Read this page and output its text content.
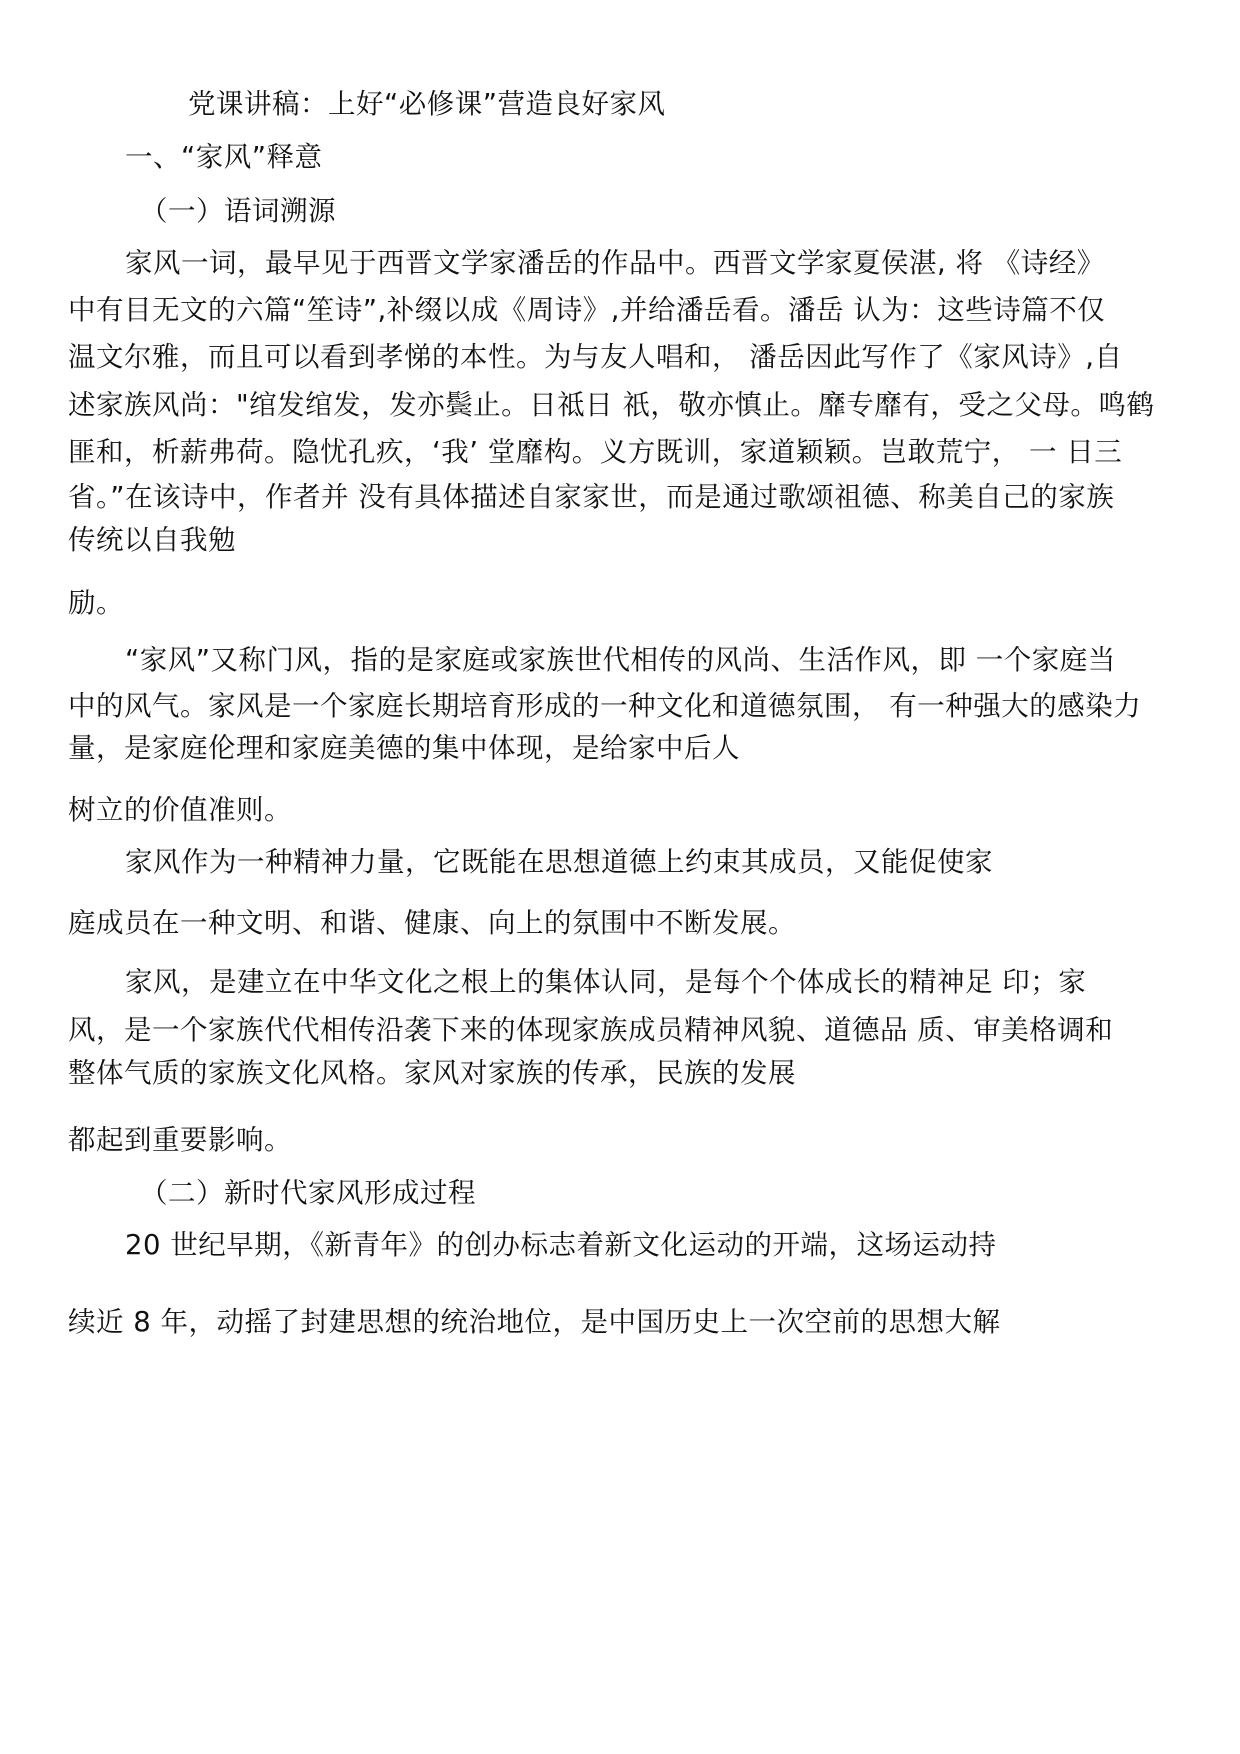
党课讲稿：上好“必修课”营造良好家风
一、“家风”释意
（一）语词溯源
家风一词，最早见于西晋文学家潘岳的作品中。西晋文学家夏侯湛, 将 《诗经》
中有目无文的六篇“笙诗”,补缀以成《周诗》,并给潘岳看。潘岳 认为：这些诗篇不仅
温文尔雅，而且可以看到孝悌的本性。为与友人唱和， 潘岳因此写作了《家风诗》,自
述家族风尚："绾发绾发，发亦鬓止。日祗日 祇，敬亦慎止。靡专靡有，受之父母。鸣鹤
匪和，析薪弗荷。隐忧孔疚，‘我’ 堂靡构。义方既训，家道颖颖。岂敢荒宁， 一 日三
省。”在该诗中，作者并 没有具体描述自家家世，而是通过歌颂祖德、称美自己的家族
传统以自我勉
励。
“家风”又称门风，指的是家庭或家族世代相传的风尚、生活作风，即 一个家庭当
中的风气。家风是一个家庭长期培育形成的一种文化和道德氛围， 有一种强大的感染力
量，是家庭伦理和家庭美德的集中体现，是给家中后人
树立的价值准则。
家风作为一种精神力量，它既能在思想道德上约束其成员，又能促使家
庭成员在一种文明、和谐、健康、向上的氛围中不断发展。
家风，是建立在中华文化之根上的集体认同，是每个个体成长的精神足 印；家
风，是一个家族代代相传沿袭下来的体现家族成员精神风貌、道德品 质、审美格调和
整体气质的家族文化风格。家风对家族的传承，民族的发展
都起到重要影响。
（二）新时代家风形成过程
20 世纪早期，《新青年》的创办标志着新文化运动的开端，这场运动持
续近 8 年，动摇了封建思想的统治地位，是中国历史上一次空前的思想大解
